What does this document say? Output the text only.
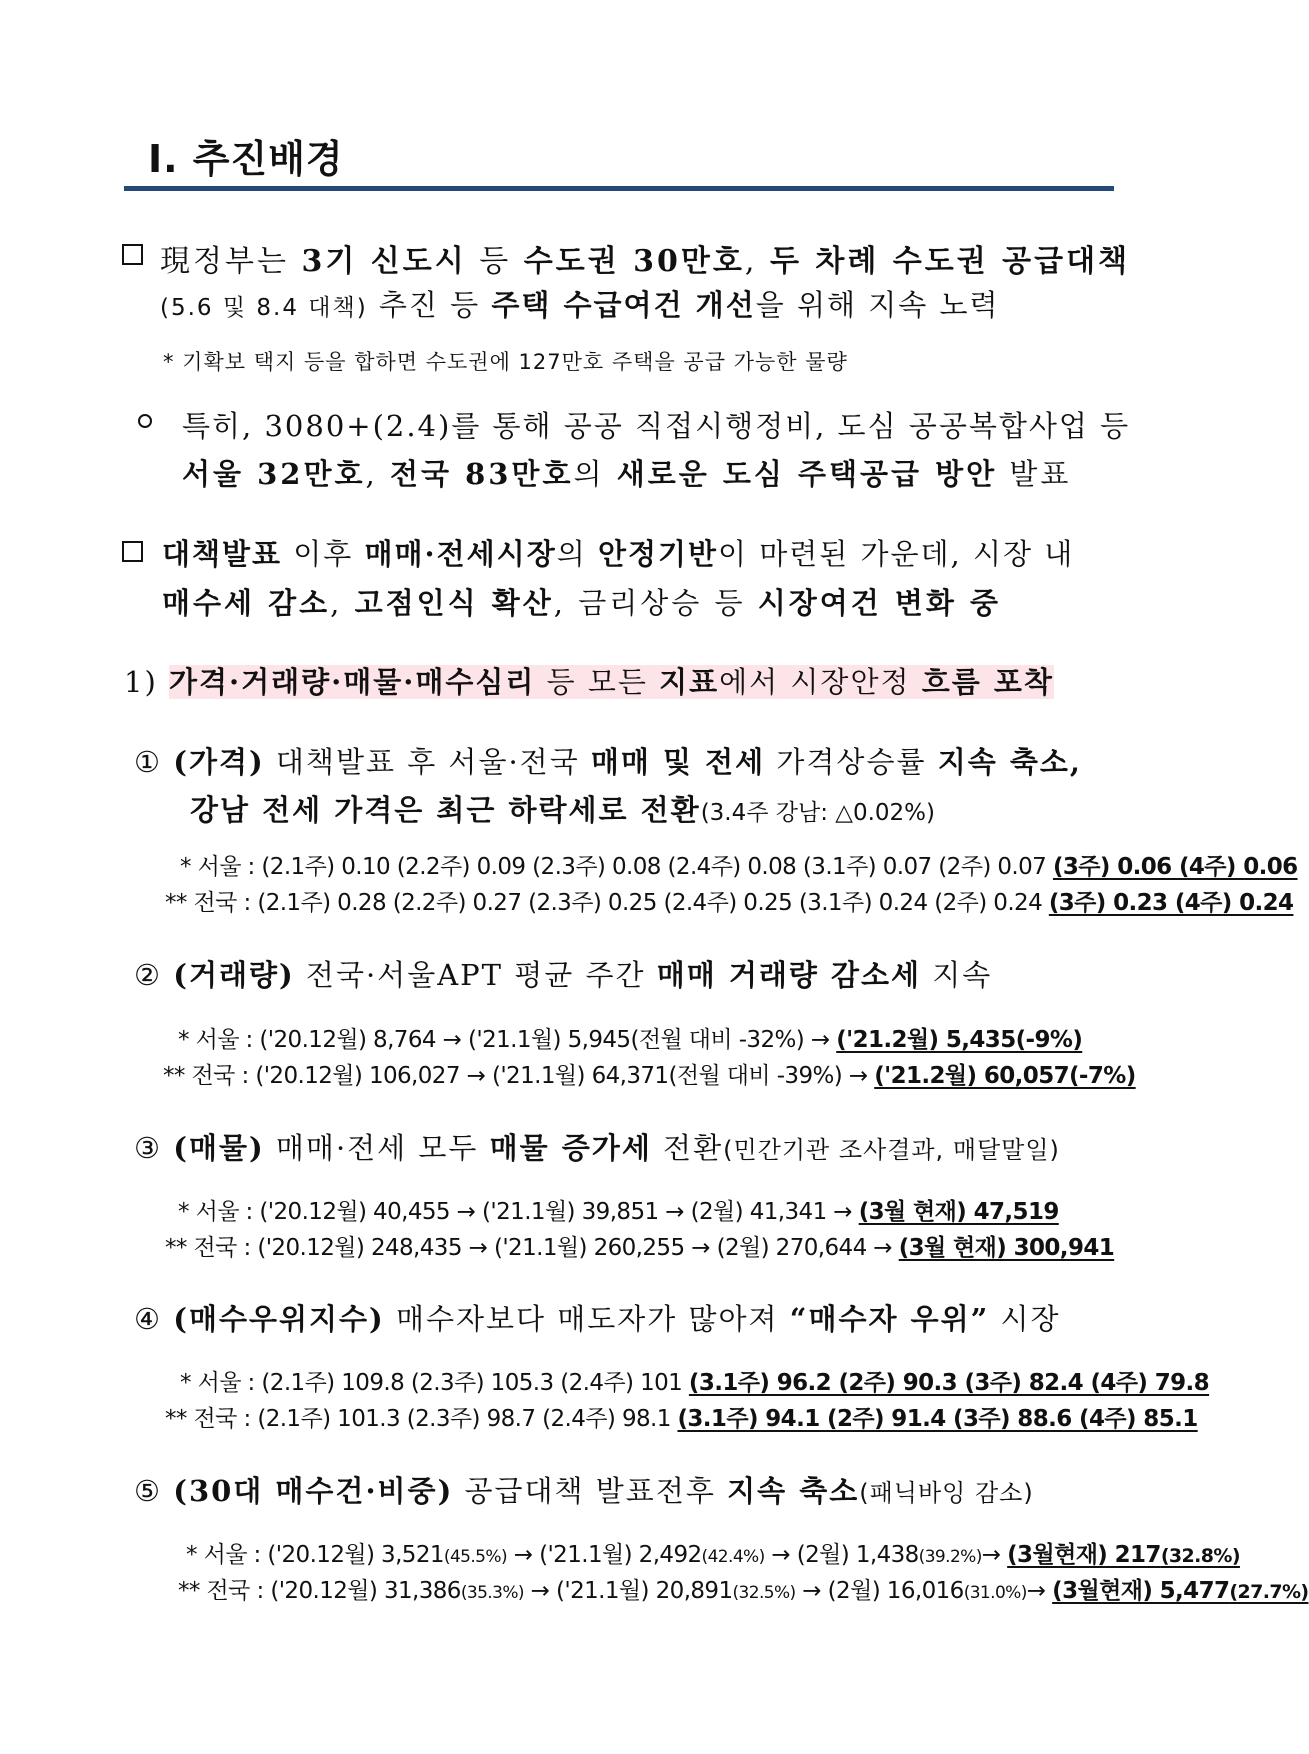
Ⅰ. 추진배경
現정부는 3기 신도시 등 수도권 30만호, 두 차례 수도권 공급대책
(5.6 및 8.4 대책) 추진 등 주택 수급여건 개선을 위해 지속 노력
* 기확보 택지 등을 합하면 수도권에 127만호 주택을 공급 가능한 물량
특히, 3080+(2.4)를 통해 공공 직접시행정비, 도심 공공복합사업 등
서울 32만호, 전국 83만호의 새로운 도심 주택공급 방안 발표
대책발표 이후 매매·전세시장의 안정기반이 마련된 가운데, 시장 내
매수세 감소, 고점인식 확산, 금리상승 등 시장여건 변화 중
1) 가격·거래량·매물·매수심리 등 모든 지표에서 시장안정 흐름 포착
① (가격) 대책발표 후 서울·전국 매매 및 전세 가격상승률 지속 축소,
강남 전세 가격은 최근 하락세로 전환(3.4주 강남: △0.02%)
* 서울 : (2.1주) 0.10 (2.2주) 0.09 (2.3주) 0.08 (2.4주) 0.08 (3.1주) 0.07 (2주) 0.07 (3주) 0.06 (4주) 0.06
** 전국 : (2.1주) 0.28 (2.2주) 0.27 (2.3주) 0.25 (2.4주) 0.25 (3.1주) 0.24 (2주) 0.24 (3주) 0.23 (4주) 0.24
② (거래량) 전국·서울APT 평균 주간 매매 거래량 감소세 지속
* 서울 : ('20.12월) 8,764 → ('21.1월) 5,945(전월 대비 -32%) → ('21.2월) 5,435(-9%)
** 전국 : ('20.12월) 106,027 → ('21.1월) 64,371(전월 대비 -39%) → ('21.2월) 60,057(-7%)
③ (매물) 매매·전세 모두 매물 증가세 전환(민간기관 조사결과, 매달말일)
* 서울 : ('20.12월) 40,455 → ('21.1월) 39,851 → (2월) 41,341 → (3월 현재) 47,519
** 전국 : ('20.12월) 248,435 → ('21.1월) 260,255 → (2월) 270,644 → (3월 현재) 300,941
④ (매수우위지수) 매수자보다 매도자가 많아져 “매수자 우위” 시장
* 서울 : (2.1주) 109.8 (2.3주) 105.3 (2.4주) 101 (3.1주) 96.2 (2주) 90.3 (3주) 82.4 (4주) 79.8
** 전국 : (2.1주) 101.3 (2.3주) 98.7 (2.4주) 98.1 (3.1주) 94.1 (2주) 91.4 (3주) 88.6 (4주) 85.1
⑤ (30대 매수건·비중) 공급대책 발표전후 지속 축소(패닉바잉 감소)
* 서울 : ('20.12월) 3,521(45.5%) → ('21.1월) 2,492(42.4%) → (2월) 1,438(39.2%)→ (3월현재) 217(32.8%)
** 전국 : ('20.12월) 31,386(35.3%) → ('21.1월) 20,891(32.5%) → (2월) 16,016(31.0%)→ (3월현재) 5,477(27.7%)
